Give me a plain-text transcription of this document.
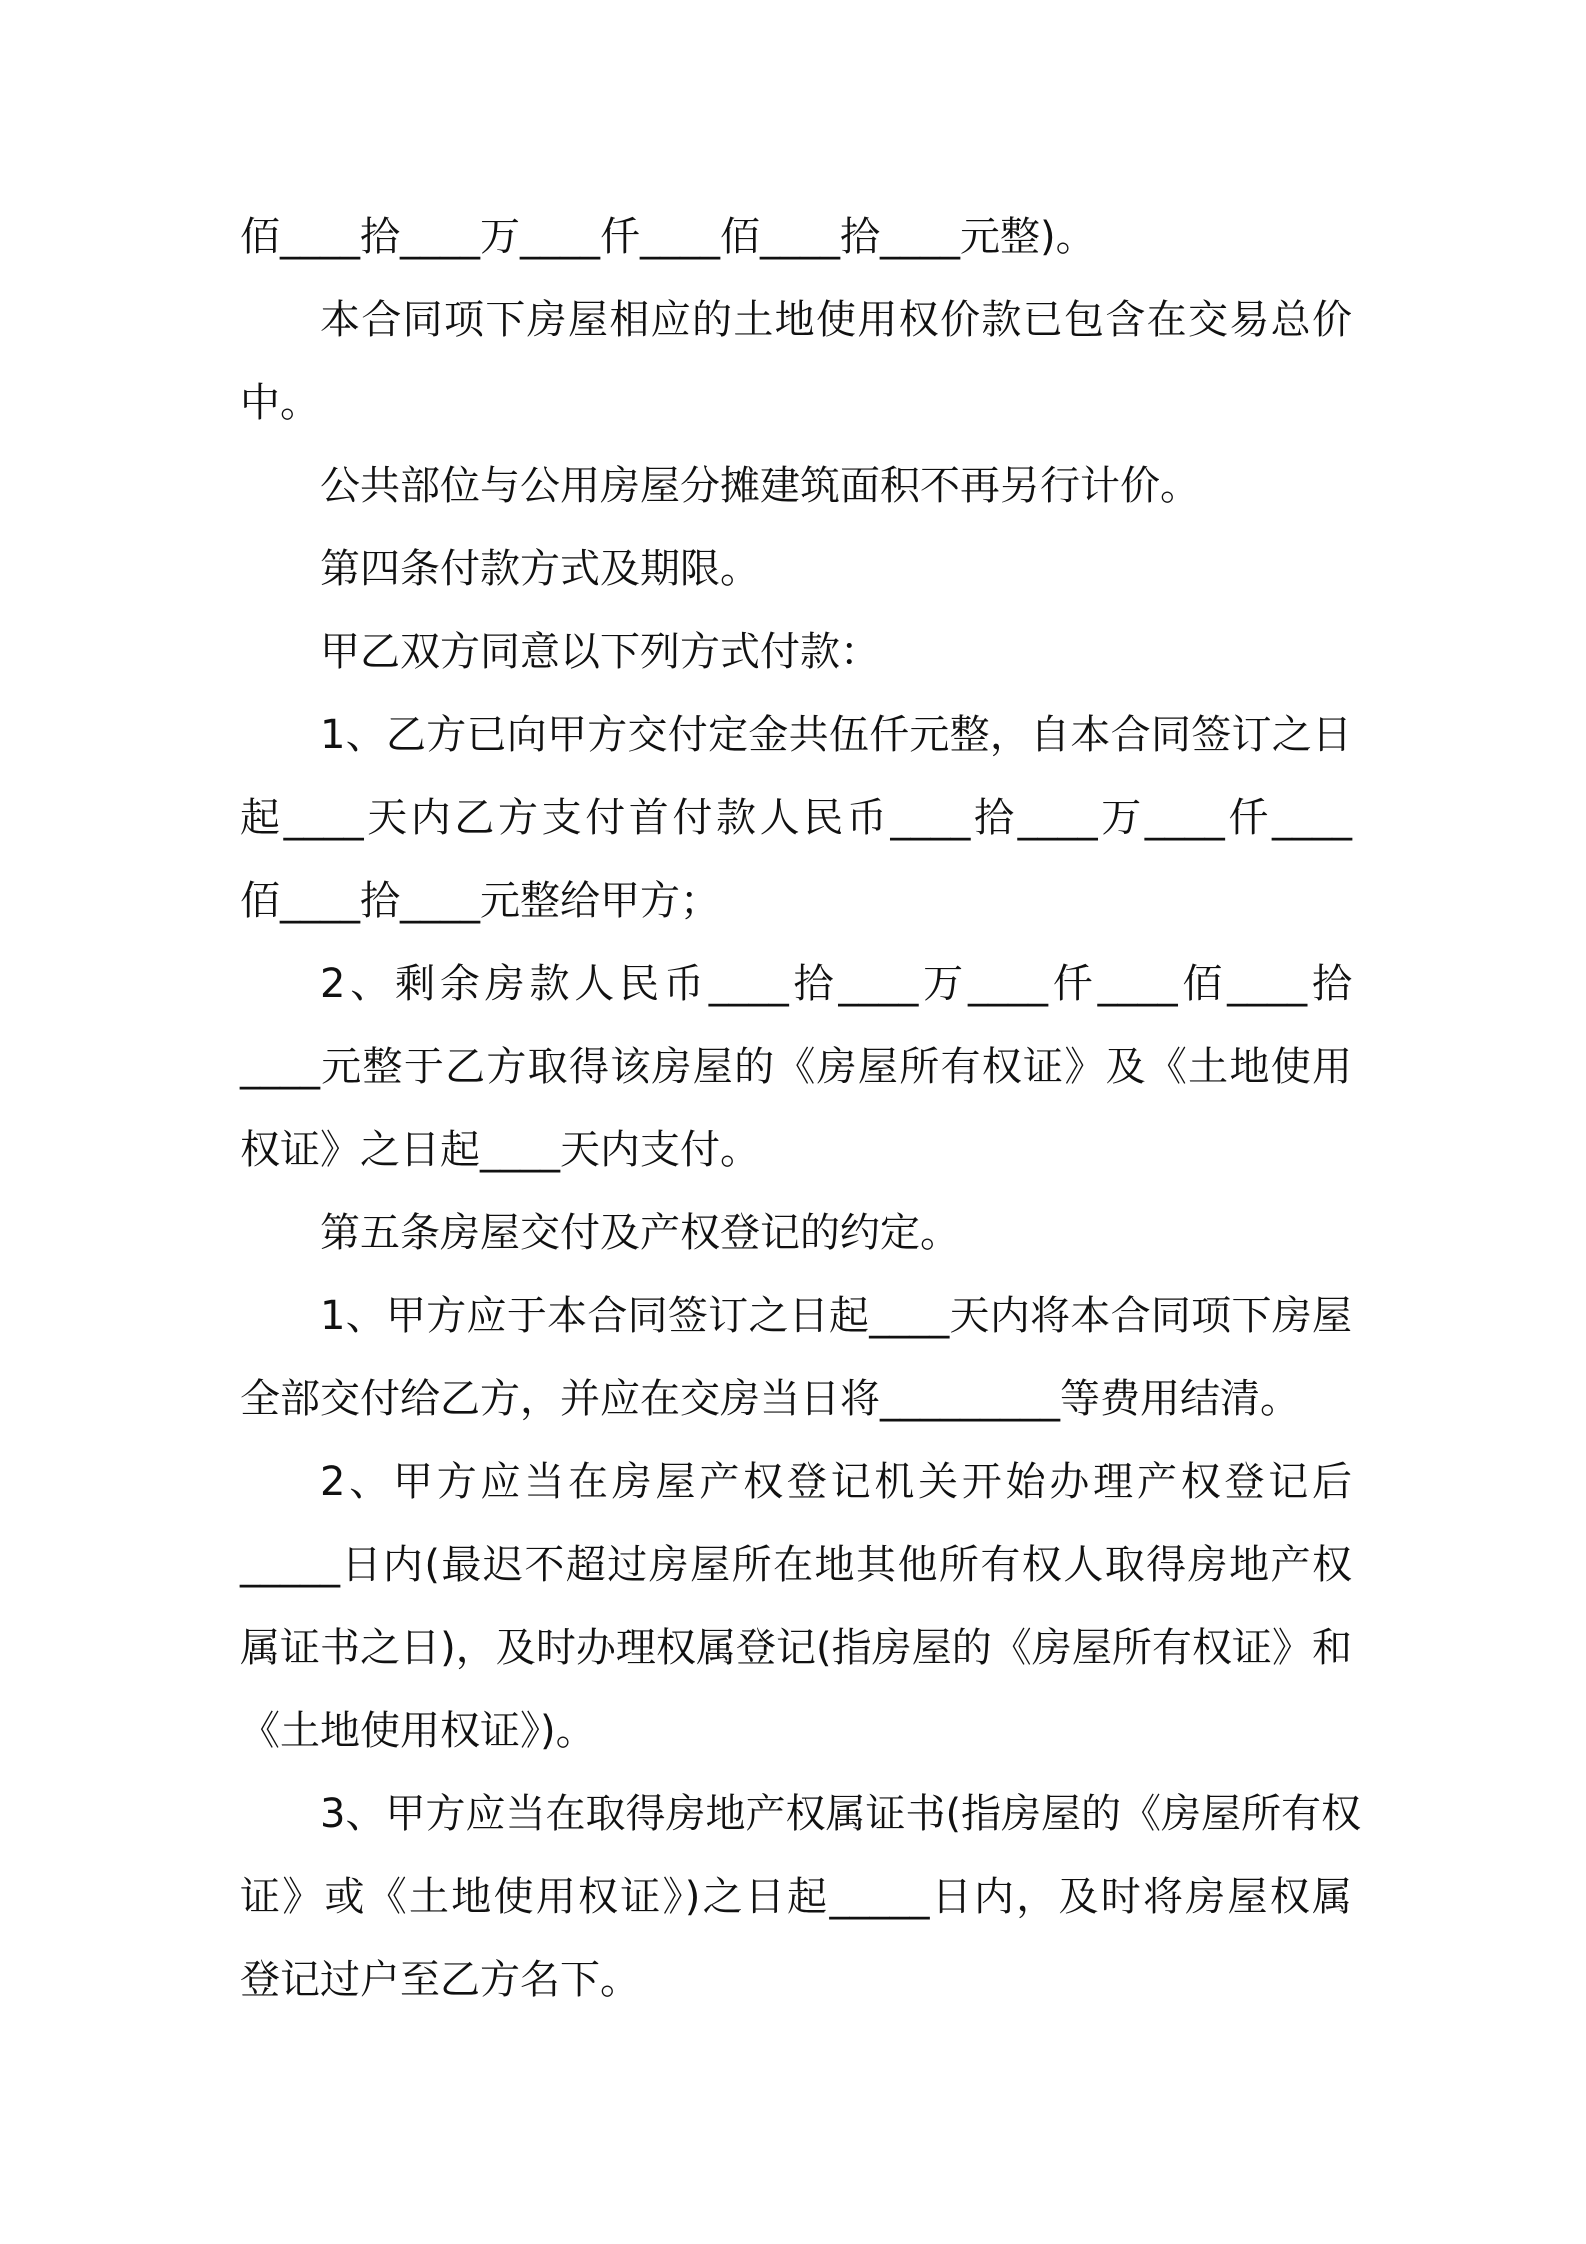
佰____拾____万____仟____佰____拾____元整)。
本合同项下房屋相应的土地使用权价款已包含在交易总价
中。
公共部位与公用房屋分摊建筑面积不再另行计价。
第四条付款方式及期限。
甲乙双方同意以下列方式付款：
1、乙方已向甲方交付定金共伍仟元整，自本合同签订之日
起____天内乙方支付首付款人民币____拾____万____仟____
佰____拾____元整给甲方；
2、剩余房款人民币____拾____万____仟____佰____拾
____元整于乙方取得该房屋的《房屋所有权证》及《土地使用
权证》之日起____天内支付。
第五条房屋交付及产权登记的约定。
1、甲方应于本合同签订之日起____天内将本合同项下房屋
全部交付给乙方，并应在交房当日将_________等费用结清。
2、甲方应当在房屋产权登记机关开始办理产权登记后
_____日内(最迟不超过房屋所在地其他所有权人取得房地产权
属证书之日)，及时办理权属登记(指房屋的《房屋所有权证》和
《土地使用权证》)。
3、甲方应当在取得房地产权属证书(指房屋的《房屋所有权
证》或《土地使用权证》)之日起_____日内，及时将房屋权属
登记过户至乙方名下。
